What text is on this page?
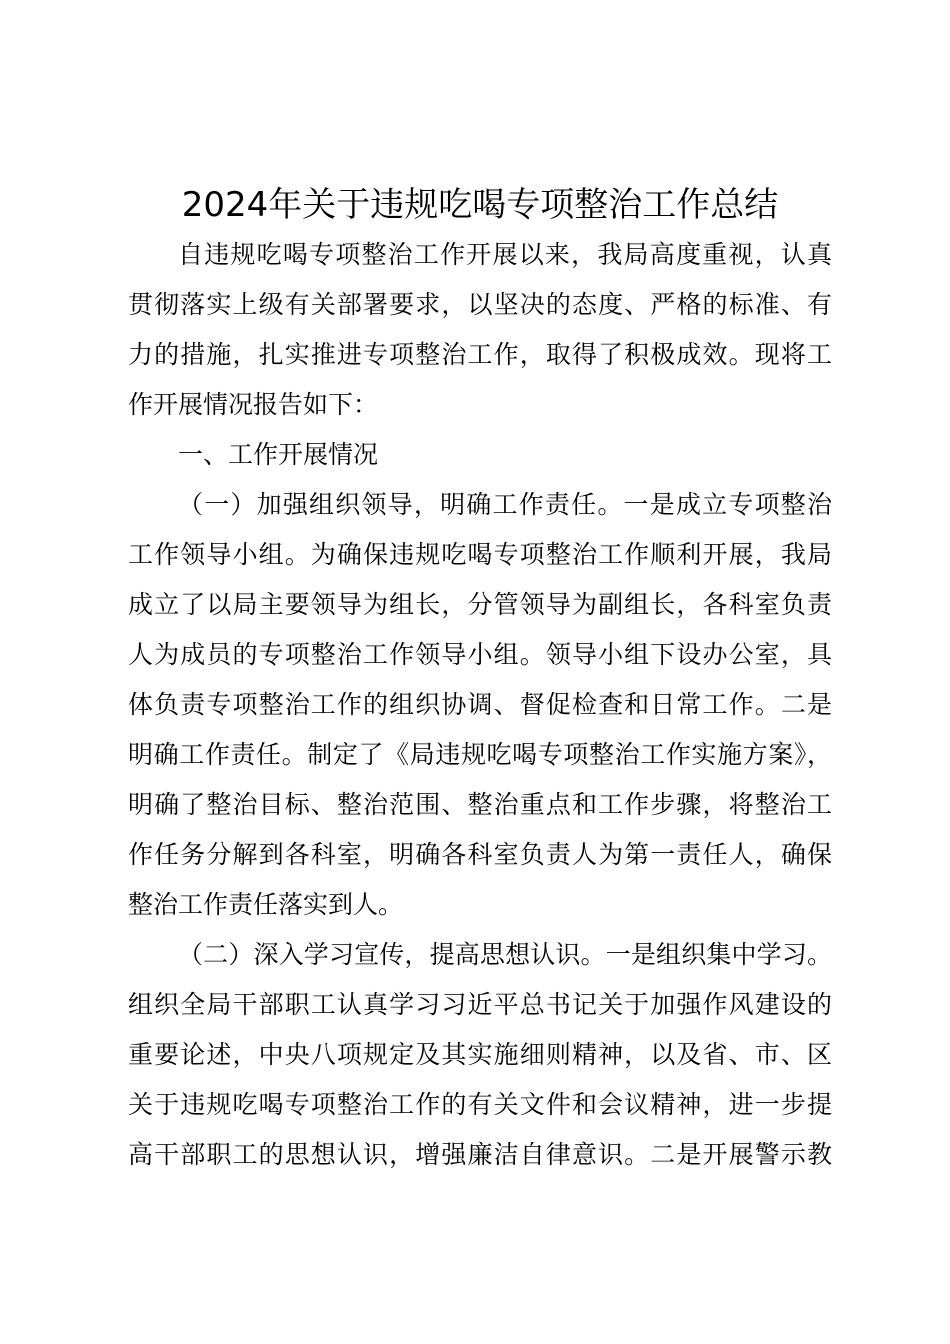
2024年关于违规吃喝专项整治工作总结
自违规吃喝专项整治工作开展以来，我局高度重视，认真
贯彻落实上级有关部署要求，以坚决的态度、严格的标准、有
力的措施，扎实推进专项整治工作，取得了积极成效。现将工
作开展情况报告如下：
一、工作开展情况
（一）加强组织领导，明确工作责任。一是成立专项整治
工作领导小组。为确保违规吃喝专项整治工作顺利开展，我局
成立了以局主要领导为组长，分管领导为副组长，各科室负责
人为成员的专项整治工作领导小组。领导小组下设办公室，具
体负责专项整治工作的组织协调、督促检查和日常工作。二是
明确工作责任。制定了《局违规吃喝专项整治工作实施方案》，
明确了整治目标、整治范围、整治重点和工作步骤，将整治工
作任务分解到各科室，明确各科室负责人为第一责任人，确保
整治工作责任落实到人。
（二）深入学习宣传，提高思想认识。一是组织集中学习。
组织全局干部职工认真学习习近平总书记关于加强作风建设的
重要论述，中央八项规定及其实施细则精神，以及省、市、区
关于违规吃喝专项整治工作的有关文件和会议精神，进一步提
高干部职工的思想认识，增强廉洁自律意识。二是开展警示教
